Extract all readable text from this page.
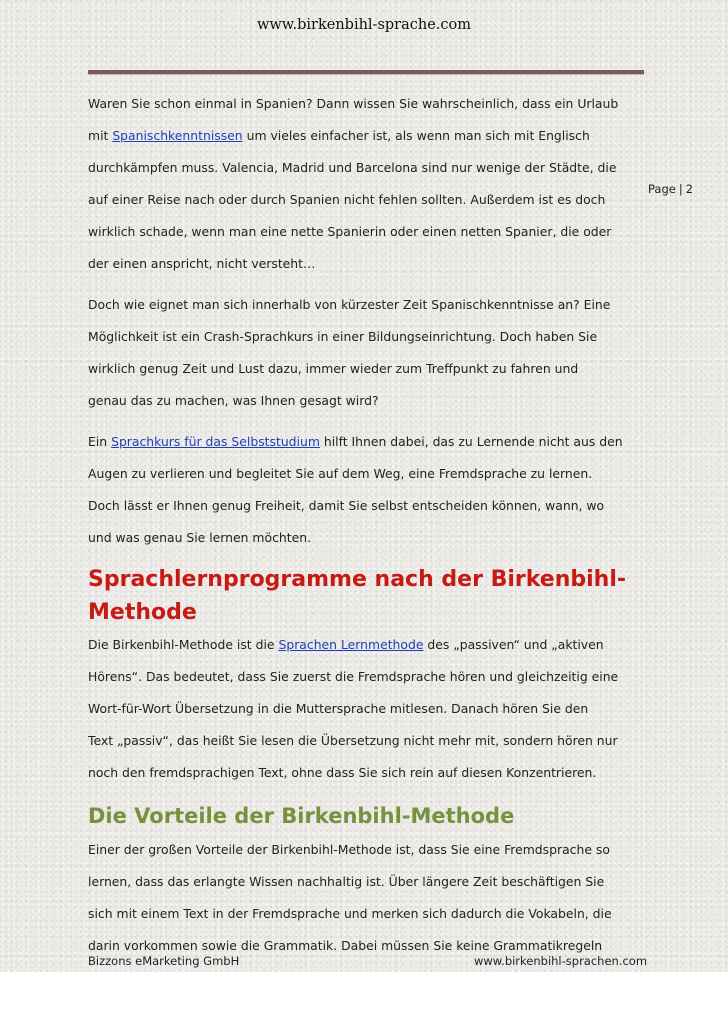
www.birkenbihl-sprache.com
Page | 2

Waren Sie schon einmal in Spanien? Dann wissen Sie wahrscheinlich, dass ein Urlaub
mit Spanischkenntnissen um vieles einfacher ist, als wenn man sich mit Englisch
durchkämpfen muss. Valencia, Madrid und Barcelona sind nur wenige der Städte, die
auf einer Reise nach oder durch Spanien nicht fehlen sollten. Außerdem ist es doch
wirklich schade, wenn man eine nette Spanierin oder einen netten Spanier, die oder
der einen anspricht, nicht versteht…

Doch wie eignet man sich innerhalb von kürzester Zeit Spanischkenntnisse an? Eine
Möglichkeit ist ein Crash-Sprachkurs in einer Bildungseinrichtung. Doch haben Sie
wirklich genug Zeit und Lust dazu, immer wieder zum Treffpunkt zu fahren und
genau das zu machen, was Ihnen gesagt wird?

Ein Sprachkurs für das Selbststudium hilft Ihnen dabei, das zu Lernende nicht aus den
Augen zu verlieren und begleitet Sie auf dem Weg, eine Fremdsprache zu lernen.
Doch lässt er Ihnen genug Freiheit, damit Sie selbst entscheiden können, wann, wo
und was genau Sie lernen möchten.

Sprachlernprogramme nach der Birkenbihl-
Methode

Die Birkenbihl-Methode ist die Sprachen Lernmethode des „passiven“ und „aktiven
Hörens“. Das bedeutet, dass Sie zuerst die Fremdsprache hören und gleichzeitig eine
Wort-für-Wort Übersetzung in die Muttersprache mitlesen. Danach hören Sie den
Text „passiv“, das heißt Sie lesen die Übersetzung nicht mehr mit, sondern hören nur
noch den fremdsprachigen Text, ohne dass Sie sich rein auf diesen Konzentrieren.

Die Vorteile der Birkenbihl-Methode

Einer der großen Vorteile der Birkenbihl-Methode ist, dass Sie eine Fremdsprache so
lernen, dass das erlangte Wissen nachhaltig ist. Über längere Zeit beschäftigen Sie
sich mit einem Text in der Fremdsprache und merken sich dadurch die Vokabeln, die
darin vorkommen sowie die Grammatik. Dabei müssen Sie keine Grammatikregeln

Bizzons eMarketing GmbH	www.birkenbihl-sprachen.com
